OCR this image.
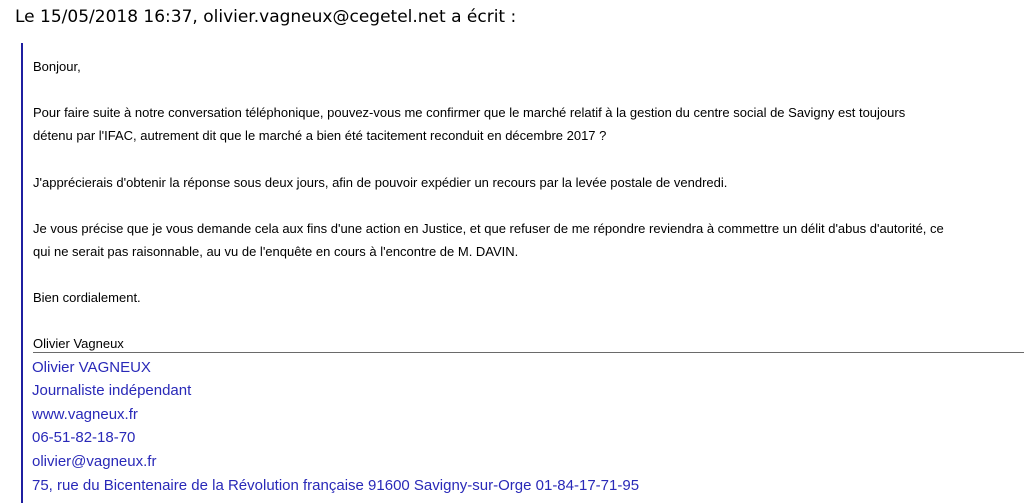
Le 15/05/2018 16:37, olivier.vagneux@cegetel.net a écrit :
Bonjour,
Pour faire suite à notre conversation téléphonique, pouvez-vous me confirmer que le marché relatif à la gestion du centre social de Savigny est toujours
détenu par l'IFAC, autrement dit que le marché a bien été tacitement reconduit en décembre 2017 ?
J'apprécierais d'obtenir la réponse sous deux jours, afin de pouvoir expédier un recours par la levée postale de vendredi.
Je vous précise que je vous demande cela aux fins d'une action en Justice, et que refuser de me répondre reviendra à commettre un délit d'abus d'autorité, ce
qui ne serait pas raisonnable, au vu de l'enquête en cours à l'encontre de M. DAVIN.
Bien cordialement.
Olivier Vagneux
Olivier VAGNEUX
Journaliste indépendant
www.vagneux.fr
06-51-82-18-70
olivier@vagneux.fr
75, rue du Bicentenaire de la Révolution française 91600 Savigny-sur-Orge 01-84-17-71-95
